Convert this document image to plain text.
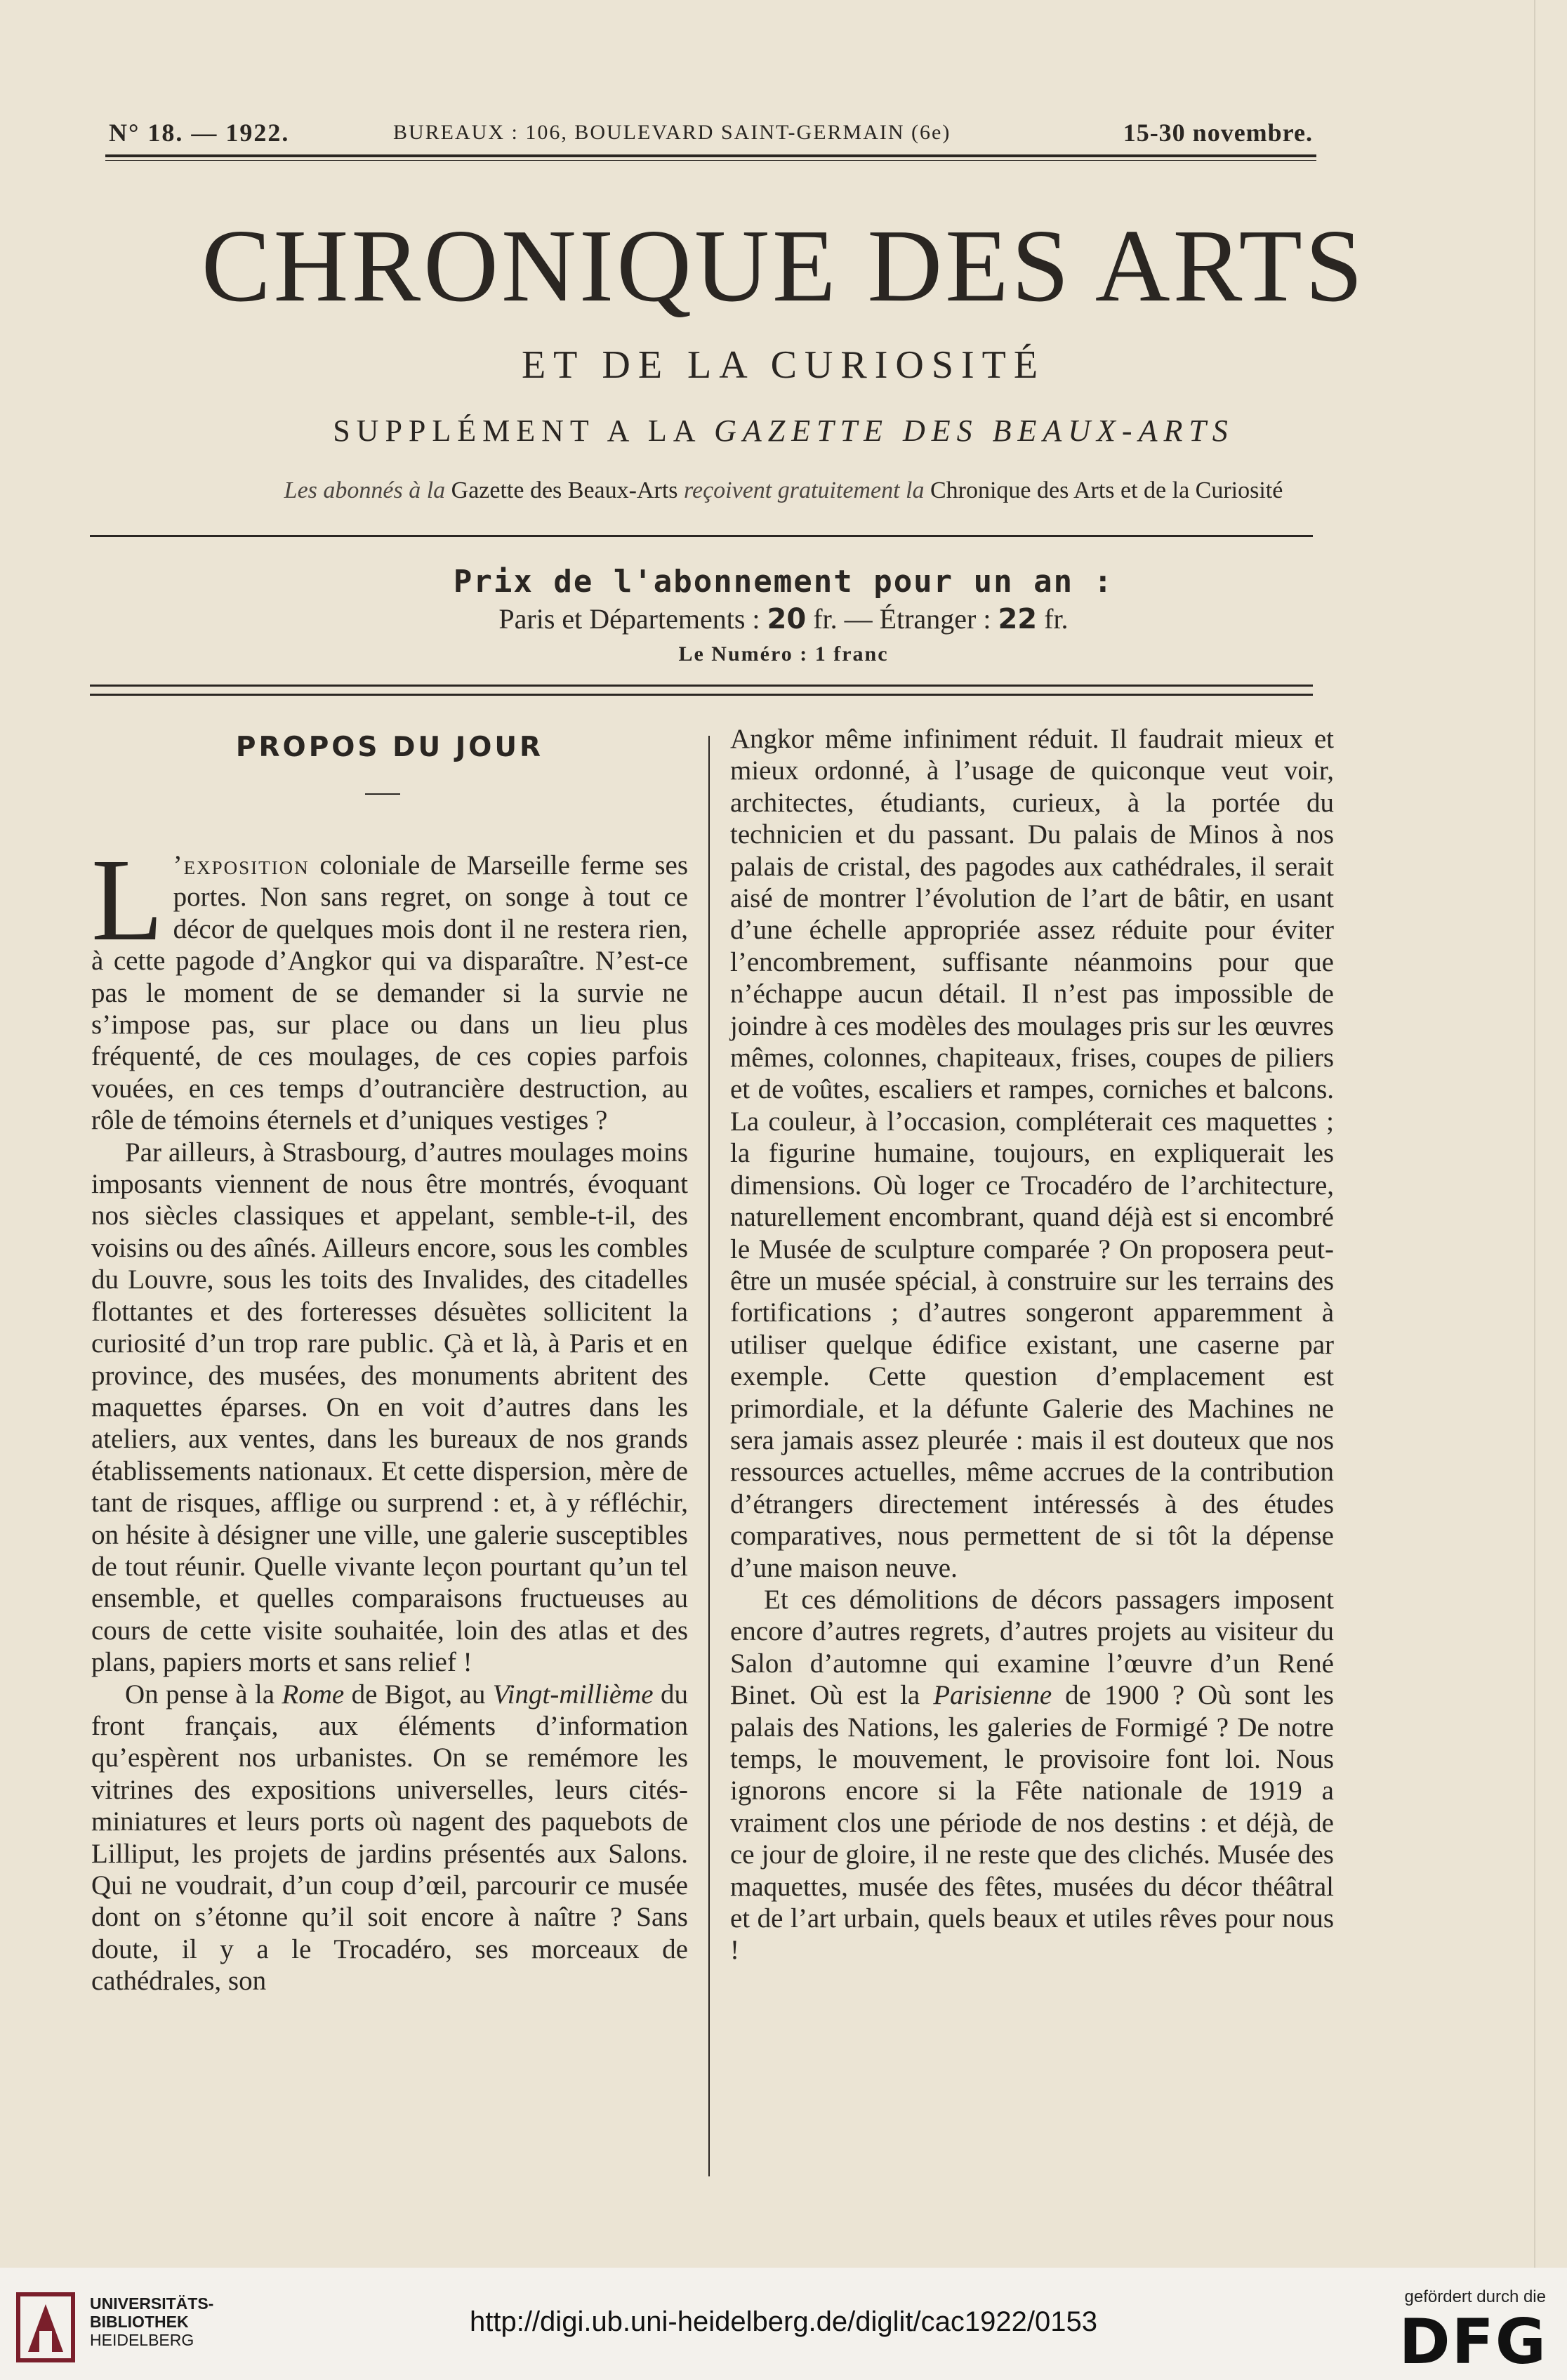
N° 18. — 1922.	BUREAUX : 106, BOULEVARD SAINT-GERMAIN (6e)	15-30 novembre.
CHRONIQUE DES ARTS
ET DE LA CURIOSITÉ
SUPPLÉMENT A LA GAZETTE DES BEAUX-ARTS
Les abonnés à la Gazette des Beaux-Arts reçoivent gratuitement la Chronique des Arts et de la Curiosité
Prix de l'abonnement pour un an :
Paris et Départements : 20 fr. — Étranger : 22 fr.
Le Numéro : 1 franc
PROPOS DU JOUR

L ’exposition coloniale de Marseille ferme ses portes. Non sans regret, on songe à tout ce décor de quelques mois dont il ne restera rien, à cette pagode d’Angkor qui va disparaître. N’est-ce pas le moment de se demander si la survie ne s’impose pas, sur place ou dans un lieu plus fréquenté, de ces moulages, de ces copies parfois vouées, en ces temps d’outrancière destruction, au rôle de témoins éternels et d’uniques vestiges ?

Par ailleurs, à Strasbourg, d’autres moulages moins imposants viennent de nous être montrés, évoquant nos siècles classiques et appelant, semble-t-il, des voisins ou des aînés. Ailleurs encore, sous les combles du Louvre, sous les toits des Invalides, des citadelles flottantes et des forteresses désuètes sollicitent la curiosité d’un trop rare public. Çà et là, à Paris et en province, des musées, des monuments abritent des maquettes éparses. On en voit d’autres dans les ateliers, aux ventes, dans les bureaux de nos grands établissements nationaux. Et cette dispersion, mère de tant de risques, afflige ou surprend : et, à y réfléchir, on hésite à désigner une ville, une galerie susceptibles de tout réunir. Quelle vivante leçon pourtant qu’un tel ensemble, et quelles comparaisons fructueuses au cours de cette visite souhaitée, loin des atlas et des plans, papiers morts et sans relief !

On pense à la Rome de Bigot, au Vingt-millième du front français, aux éléments d’information qu’espèrent nos urbanistes. On se remémore les vitrines des expositions universelles, leurs cités-miniatures et leurs ports où nagent des paquebots de Lilliput, les projets de jardins présentés aux Salons. Qui ne voudrait, d’un coup d’œil, parcourir ce musée dont on s’étonne qu’il soit encore à naître ? Sans doute, il y a le Trocadéro, ses morceaux de cathédrales, son

Angkor même infiniment réduit. Il faudrait mieux et mieux ordonné, à l’usage de quiconque veut voir, architectes, étudiants, curieux, à la portée du technicien et du passant. Du palais de Minos à nos palais de cristal, des pagodes aux cathédrales, il serait aisé de montrer l’évolution de l’art de bâtir, en usant d’une échelle appropriée assez réduite pour éviter l’encombrement, suffisante néanmoins pour que n’échappe aucun détail. Il n’est pas impossible de joindre à ces modèles des moulages pris sur les œuvres mêmes, colonnes, chapiteaux, frises, coupes de piliers et de voûtes, escaliers et rampes, corniches et balcons. La couleur, à l’occasion, compléterait ces maquettes ; la figurine humaine, toujours, en expliquerait les dimensions. Où loger ce Trocadéro de l’architecture, naturellement encombrant, quand déjà est si encombré le Musée de sculpture comparée ? On proposera peut-être un musée spécial, à construire sur les terrains des fortifications ; d’autres songeront apparemment à utiliser quelque édifice existant, une caserne par exemple. Cette question d’emplacement est primordiale, et la défunte Galerie des Machines ne sera jamais assez pleurée : mais il est douteux que nos ressources actuelles, même accrues de la contribution d’étrangers directement intéressés à des études comparatives, nous permettent de si tôt la dépense d’une maison neuve.

Et ces démolitions de décors passagers imposent encore d’autres regrets, d’autres projets au visiteur du Salon d’automne qui examine l’œuvre d’un René Binet. Où est la Parisienne de 1900 ? Où sont les palais des Nations, les galeries de Formigé ? De notre temps, le mouvement, le provisoire font loi. Nous ignorons encore si la Fête nationale de 1919 a vraiment clos une période de nos destins : et déjà, de ce jour de gloire, il ne reste que des clichés. Musée des maquettes, musée des fêtes, musées du décor théâtral et de l’art urbain, quels beaux et utiles rêves pour nous !

UNIVERSITÄTS-
BIBLIOTHEK
HEIDELBERG
http://digi.ub.uni-heidelberg.de/diglit/cac1922/0153
gefördert durch die
DFG
